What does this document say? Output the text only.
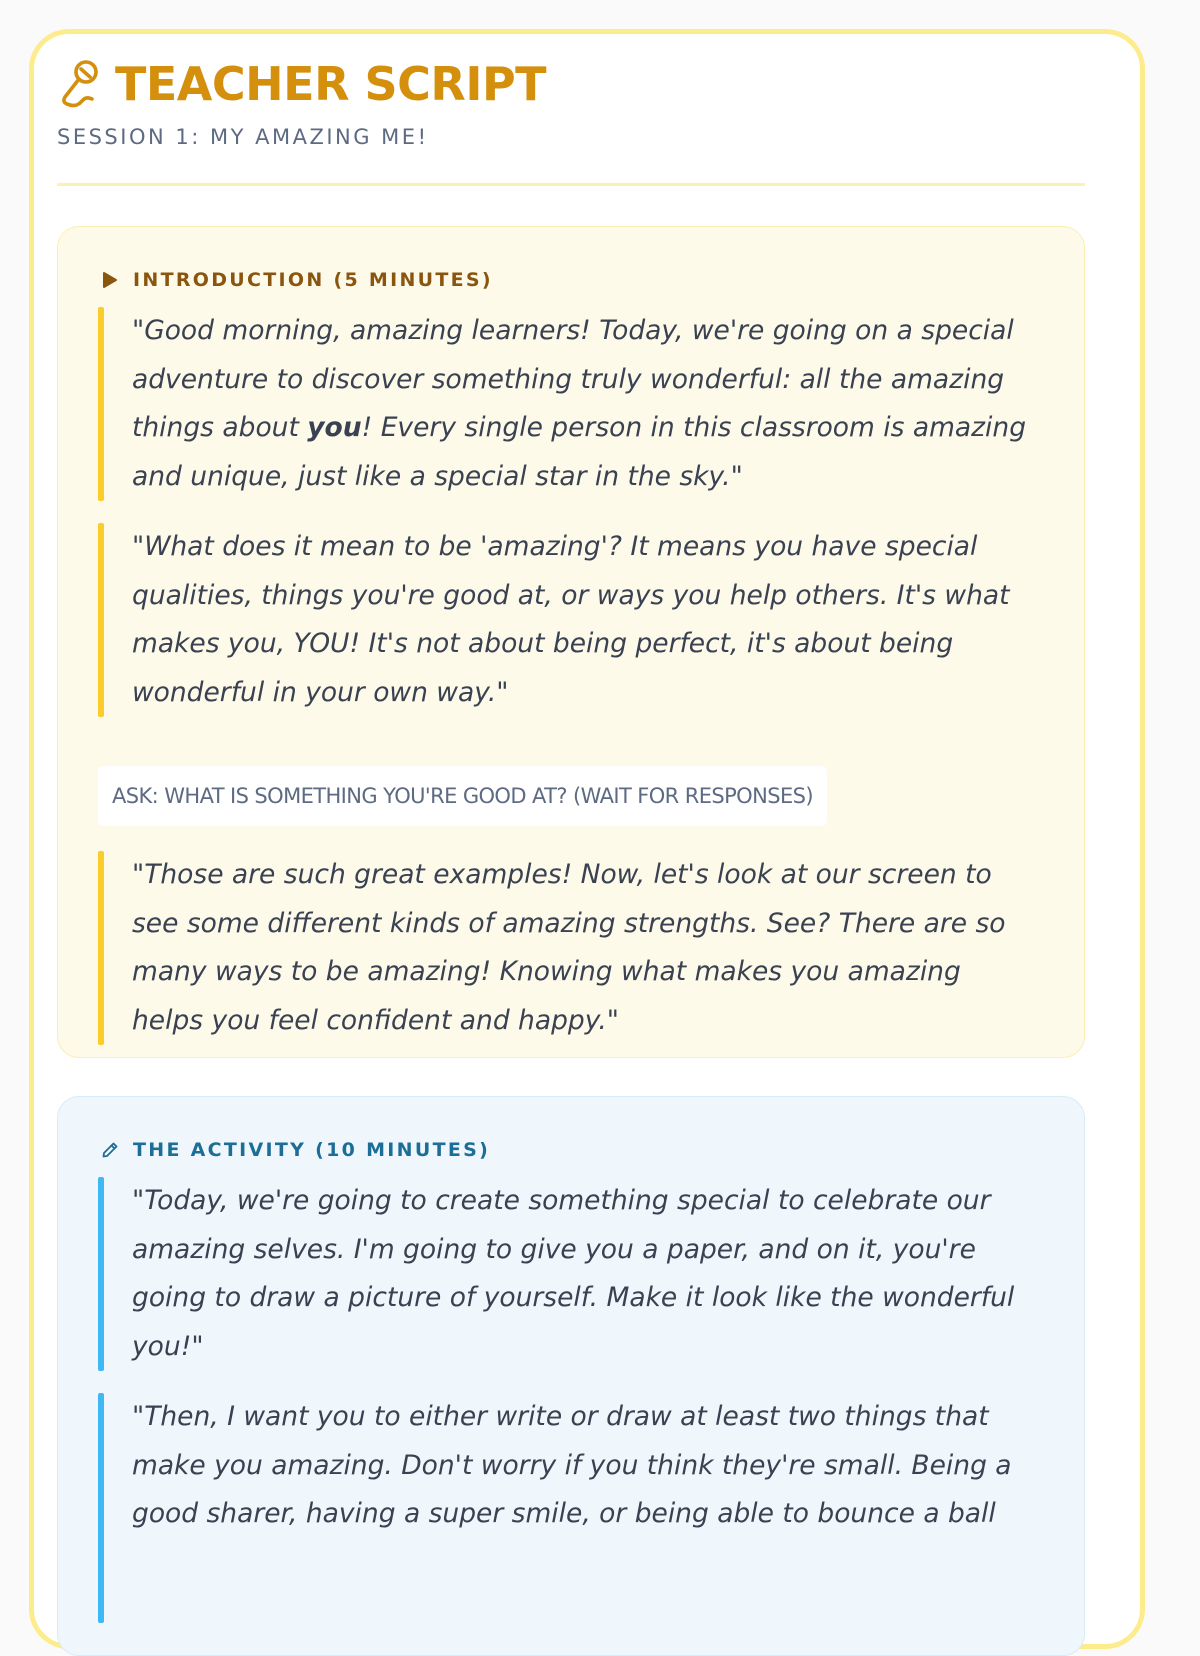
TEACHER SCRIPT
SESSION 1: MY AMAZING ME!
INTRODUCTION (5 MINUTES)
"Good morning, amazing learners! Today, we're going on a special adventure to discover something truly wonderful: all the amazing things about you! Every single person in this classroom is amazing and unique, just like a special star in the sky."
"What does it mean to be 'amazing'? It means you have special qualities, things you're good at, or ways you help others. It's what makes you, YOU! It's not about being perfect, it's about being wonderful in your own way."
ASK: WHAT IS SOMETHING YOU'RE GOOD AT? (WAIT FOR RESPONSES)
"Those are such great examples! Now, let's look at our screen to see some different kinds of amazing strengths. See? There are so many ways to be amazing! Knowing what makes you amazing helps you feel confident and happy."
THE ACTIVITY (10 MINUTES)
"Today, we're going to create something special to celebrate our amazing selves. I'm going to give you a paper, and on it, you're going to draw a picture of yourself. Make it look like the wonderful you!"
"Then, I want you to either write or draw at least two things that make you amazing. Don't worry if you think they're small. Being a good sharer, having a super smile, or being able to bounce a ball
